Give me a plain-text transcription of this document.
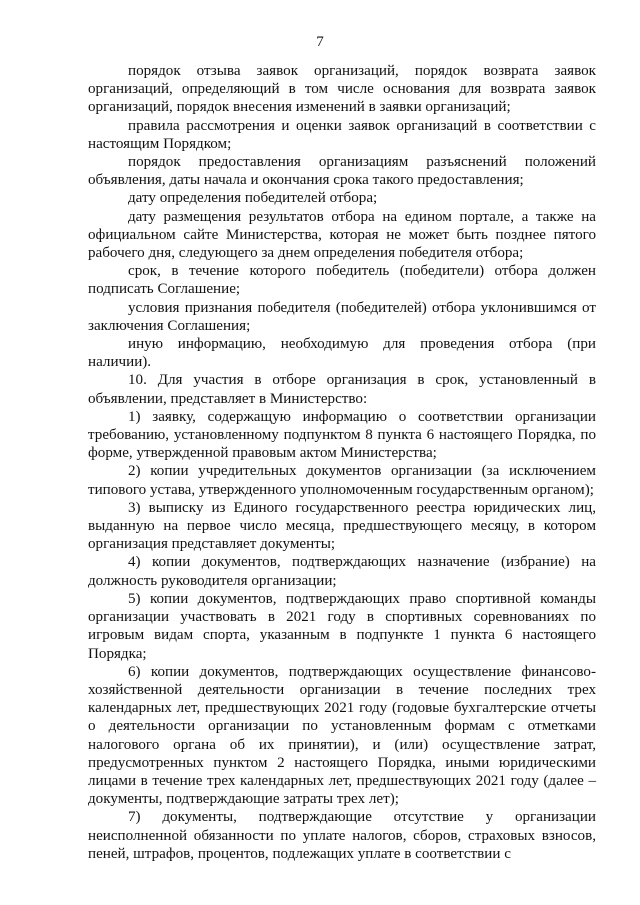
7

порядок отзыва заявок организаций, порядок возврата заявок организаций, определяющий в том числе основания для возврата заявок организаций, порядок внесения изменений в заявки организаций;

правила рассмотрения и оценки заявок организаций в соответствии с настоящим Порядком;

порядок предоставления организациям разъяснений положений объявления, даты начала и окончания срока такого предоставления;

дату определения победителей отбора;

дату размещения результатов отбора на едином портале, а также на официальном сайте Министерства, которая не может быть позднее пятого рабочего дня, следующего за днем определения победителя отбора;

срок, в течение которого победитель (победители) отбора должен подписать Соглашение;

условия признания победителя (победителей) отбора уклонившимся от заключения Соглашения;

иную информацию, необходимую для проведения отбора (при наличии).

10. Для участия в отборе организация в срок, установленный в объявлении, представляет в Министерство:

1) заявку, содержащую информацию о соответствии организации требованию, установленному подпунктом 8 пункта 6 настоящего Порядка, по форме, утвержденной правовым актом Министерства;

2) копии учредительных документов организации (за исключением типового устава, утвержденного уполномоченным государственным органом);

3) выписку из Единого государственного реестра юридических лиц, выданную на первое число месяца, предшествующего месяцу, в котором организация представляет документы;

4) копии документов, подтверждающих назначение (избрание) на должность руководителя организации;

5) копии документов, подтверждающих право спортивной команды организации участвовать в 2021 году в спортивных соревнованиях по игровым видам спорта, указанным в подпункте 1 пункта 6 настоящего Порядка;

6) копии документов, подтверждающих осуществление финансово-хозяйственной деятельности организации в течение последних трех календарных лет, предшествующих 2021 году (годовые бухгалтерские отчеты о деятельности организации по установленным формам с отметками налогового органа об их принятии), и (или) осуществление затрат, предусмотренных пунктом 2 настоящего Порядка, иными юридическими лицами в течение трех календарных лет, предшествующих 2021 году (далее – документы, подтверждающие затраты трех лет);

7) документы, подтверждающие отсутствие у организации неисполненной обязанности по уплате налогов, сборов, страховых взносов, пеней, штрафов, процентов, подлежащих уплате в соответствии с
